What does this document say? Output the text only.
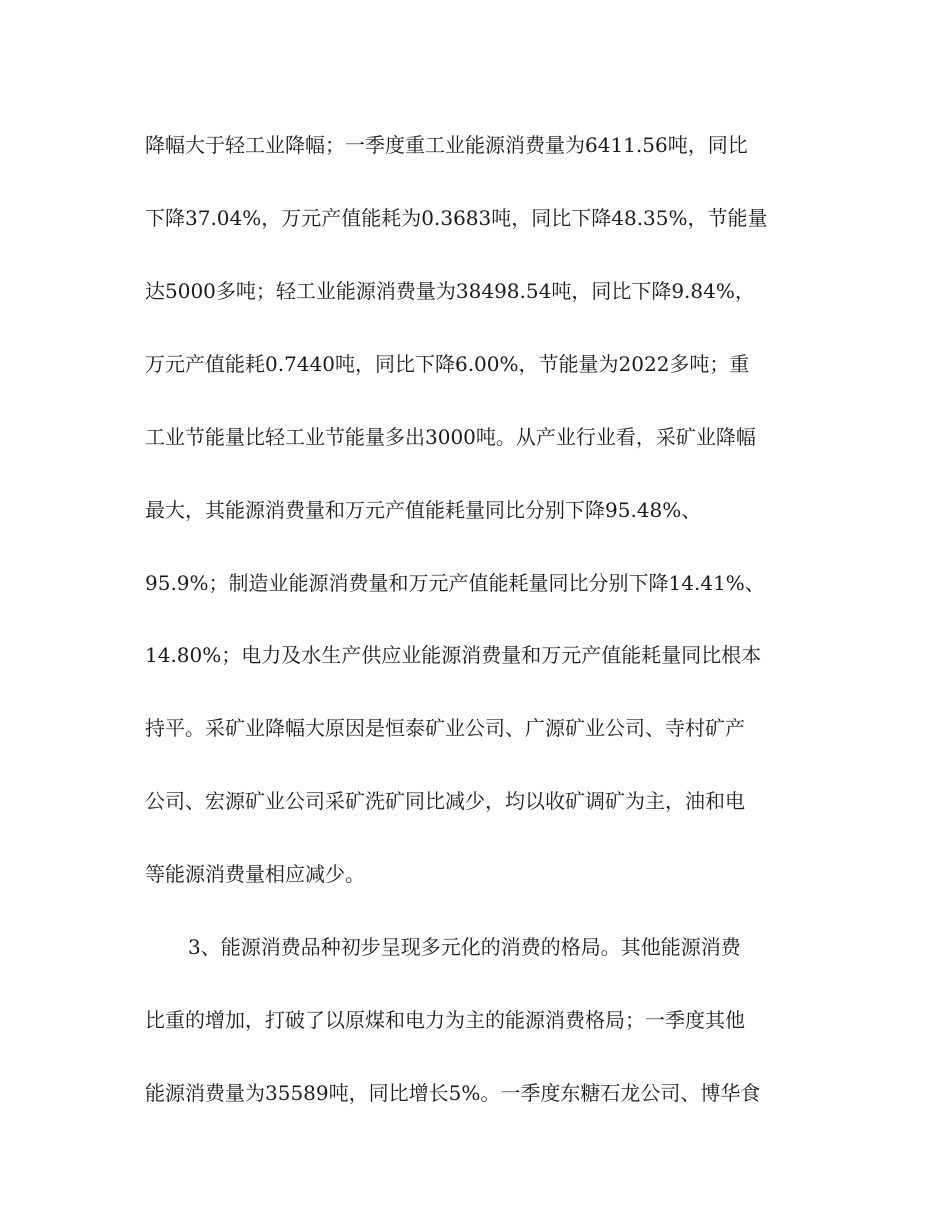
降幅大于轻工业降幅；一季度重工业能源消费量为6411.56吨，同比
下降37.04%，万元产值能耗为0.3683吨，同比下降48.35%，节能量
达5000多吨；轻工业能源消费量为38498.54吨，同比下降9.84%，
万元产值能耗0.7440吨，同比下降6.00%，节能量为2022多吨；重
工业节能量比轻工业节能量多出3000吨。从产业行业看，采矿业降幅
最大，其能源消费量和万元产值能耗量同比分别下降95.48%、
95.9%；制造业能源消费量和万元产值能耗量同比分别下降14.41%、
14.80%；电力及水生产供应业能源消费量和万元产值能耗量同比根本
持平。采矿业降幅大原因是恒泰矿业公司、广源矿业公司、寺村矿产
公司、宏源矿业公司采矿洗矿同比减少，均以收矿调矿为主，油和电
等能源消费量相应减少。
3、能源消费品种初步呈现多元化的消费的格局。其他能源消费
比重的增加，打破了以原煤和电力为主的能源消费格局；一季度其他
能源消费量为35589吨，同比增长5%。一季度东糖石龙公司、博华食
